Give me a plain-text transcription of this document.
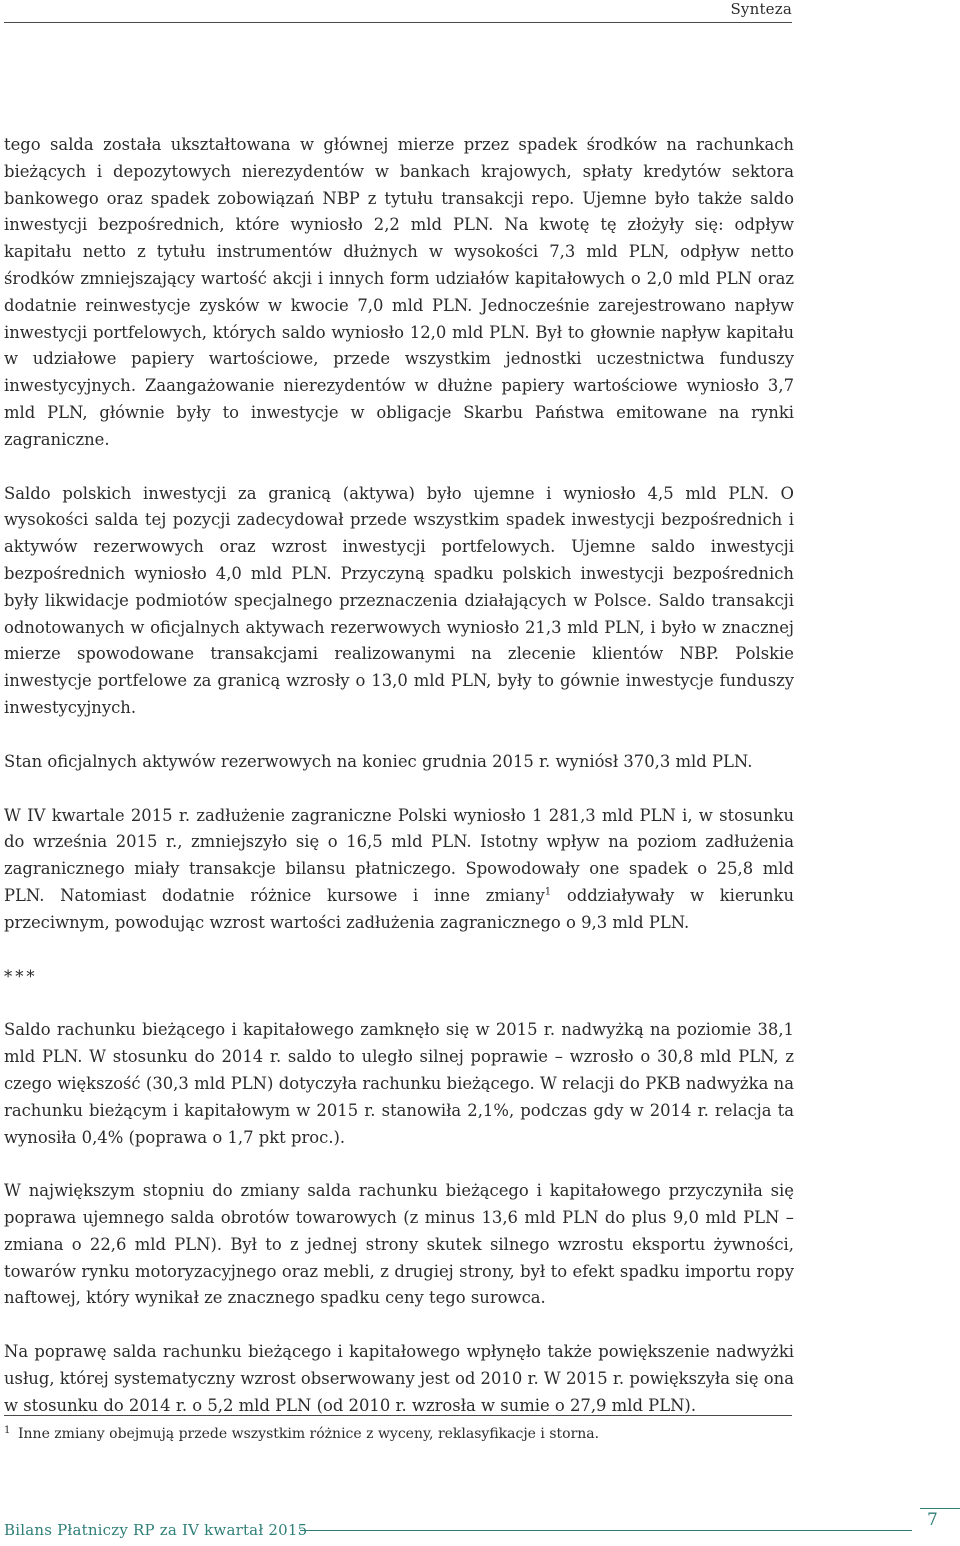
Synteza

tego salda została ukształtowana w głównej mierze przez spadek środków na rachunkach bieżących i depozytowych nierezydentów w bankach krajowych, spłaty kredytów sektora bankowego oraz spadek zobowiązań NBP z tytułu transakcji repo. Ujemne było także saldo inwestycji bezpośrednich, które wyniosło 2,2 mld PLN. Na kwotę tę złożyły się: odpływ kapitału netto z tytułu instrumentów dłużnych w wysokości 7,3 mld PLN, odpływ netto środków zmniejszający wartość akcji i innych form udziałów kapitałowych o 2,0 mld PLN oraz dodatnie reinwestycje zysków w kwocie 7,0 mld PLN. Jednocześnie zarejestrowano napływ inwestycji portfelowych, których saldo wyniosło 12,0 mld PLN. Był to głownie napływ kapitału w udziałowe papiery wartościowe, przede wszystkim jednostki uczestnictwa funduszy inwestycyjnych. Zaangażowanie nierezydentów w dłużne papiery wartościowe wyniosło 3,7 mld PLN, głównie były to inwestycje w obligacje Skarbu Państwa emitowane na rynki zagraniczne.

Saldo polskich inwestycji za granicą (aktywa) było ujemne i wyniosło 4,5 mld PLN. O wysokości salda tej pozycji zadecydował przede wszystkim spadek inwestycji bezpośrednich i aktywów rezerwowych oraz wzrost inwestycji portfelowych. Ujemne saldo inwestycji bezpośrednich wyniosło 4,0 mld PLN. Przyczyną spadku polskich inwestycji bezpośrednich były likwidacje podmiotów specjalnego przeznaczenia działających w Polsce. Saldo transakcji odnotowanych w oficjalnych aktywach rezerwowych wyniosło 21,3 mld PLN, i było w znacznej mierze spowodowane transakcjami realizowanymi na zlecenie klientów NBP. Polskie inwestycje portfelowe za granicą wzrosły o 13,0 mld PLN, były to gównie inwestycje funduszy inwestycyjnych.

Stan oficjalnych aktywów rezerwowych na koniec grudnia 2015 r. wyniósł 370,3 mld PLN.

W IV kwartale 2015 r. zadłużenie zagraniczne Polski wyniosło 1 281,3 mld PLN i, w stosunku do września 2015 r., zmniejszyło się o 16,5 mld PLN. Istotny wpływ na poziom zadłużenia zagranicznego miały transakcje bilansu płatniczego. Spowodowały one spadek o 25,8 mld PLN. Natomiast dodatnie różnice kursowe i inne zmiany$^1$ oddziaływały w kierunku przeciwnym, powodując wzrost wartości zadłużenia zagranicznego o 9,3 mld PLN.

***

Saldo rachunku bieżącego i kapitałowego zamknęło się w 2015 r. nadwyżką na poziomie 38,1 mld PLN. W stosunku do 2014 r. saldo to uległo silnej poprawie – wzrosło o 30,8 mld PLN, z czego większość (30,3 mld PLN) dotyczyła rachunku bieżącego. W relacji do PKB nadwyżka na rachunku bieżącym i kapitałowym w 2015 r. stanowiła 2,1%, podczas gdy w 2014 r. relacja ta wynosiła 0,4% (poprawa o 1,7 pkt proc.).

W największym stopniu do zmiany salda rachunku bieżącego i kapitałowego przyczyniła się poprawa ujemnego salda obrotów towarowych (z minus 13,6 mld PLN do plus 9,0 mld PLN – zmiana o 22,6 mld PLN). Był to z jednej strony skutek silnego wzrostu eksportu żywności, towarów rynku motoryzacyjnego oraz mebli, z drugiej strony, był to efekt spadku importu ropy naftowej, który wynikał ze znacznego spadku ceny tego surowca.

Na poprawę salda rachunku bieżącego i kapitałowego wpłynęło także powiększenie nadwyżki usług, której systematyczny wzrost obserwowany jest od 2010 r. W 2015 r. powiększyła się ona w stosunku do 2014 r. o 5,2 mld PLN (od 2010 r. wzrosła w sumie o 27,9 mld PLN).

1 Inne zmiany obejmują przede wszystkim różnice z wyceny, reklasyfikacje i storna.
Bilans Płatniczy RP za IV kwartał 2015	7
